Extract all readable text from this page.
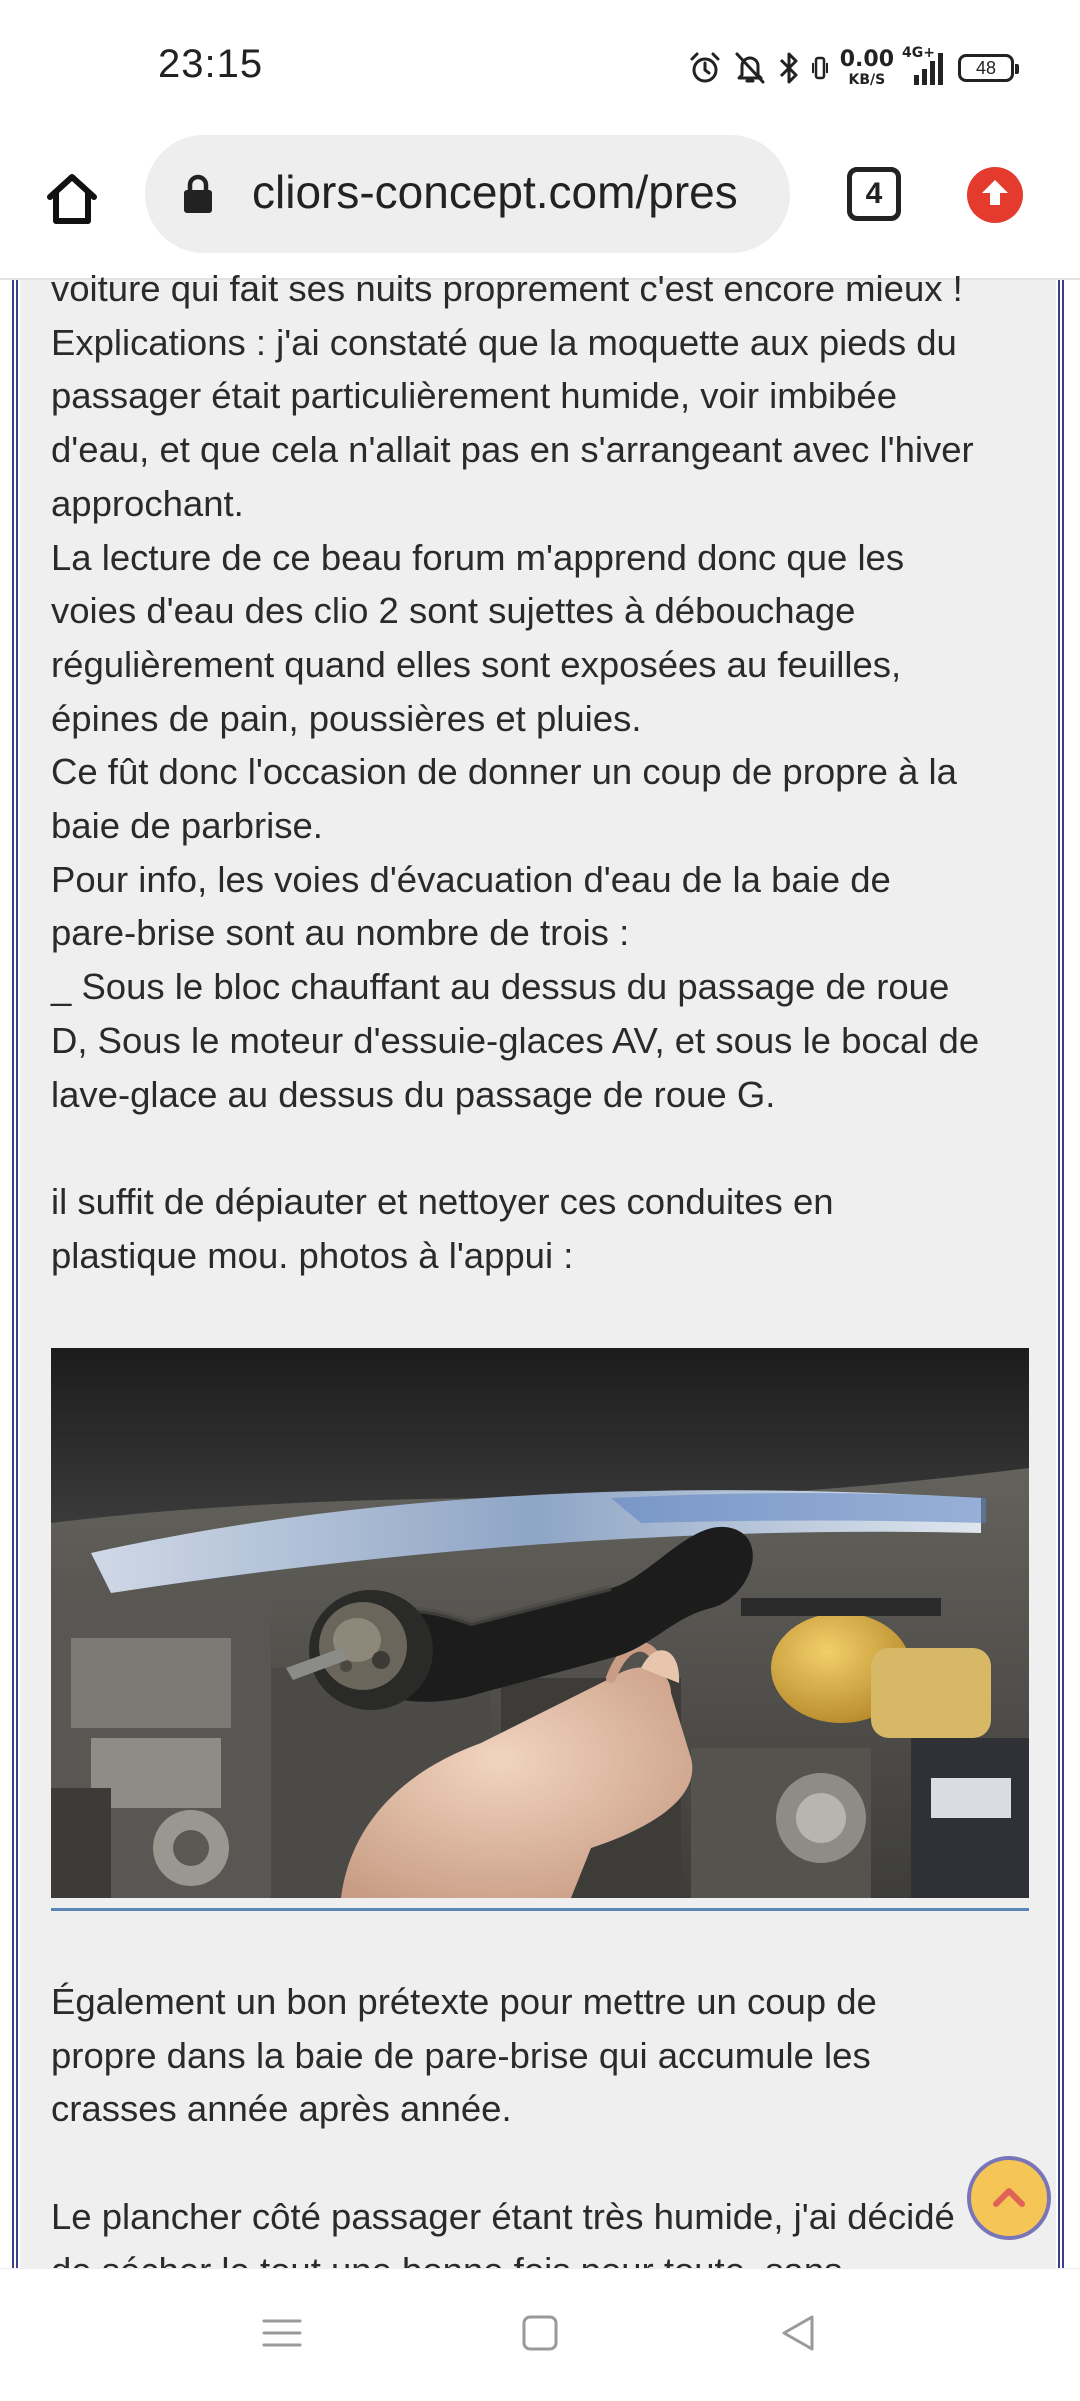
23:15	0.00
KB/S
4G+
48
cliors-concept.com/pres	4

voiture qui fait ses nuits proprement c'est encore mieux !

Explications : j'ai constaté que la moquette aux pieds du

passager était particulièrement humide, voir imbibée

d'eau, et que cela n'allait pas en s'arrangeant avec l'hiver

approchant.

La lecture de ce beau forum m'apprend donc que les

voies d'eau des clio 2 sont sujettes à débouchage

régulièrement quand elles sont exposées au feuilles,

épines de pain, poussières et pluies.

Ce fût donc l'occasion de donner un coup de propre à la

baie de parbrise.

Pour info, les voies d'évacuation d'eau de la baie de

pare-brise sont au nombre de trois :

_ Sous le bloc chauffant au dessus du passage de roue

D, Sous le moteur d'essuie-glaces AV, et sous le bocal de

lave-glace au dessus du passage de roue G.

il suffit de dépiauter et nettoyer ces conduites en

plastique mou. photos à l'appui :

Également un bon prétexte pour mettre un coup de

propre dans la baie de pare-brise qui accumule les

crasses année après année.

Le plancher côté passager étant très humide, j'ai décidé
